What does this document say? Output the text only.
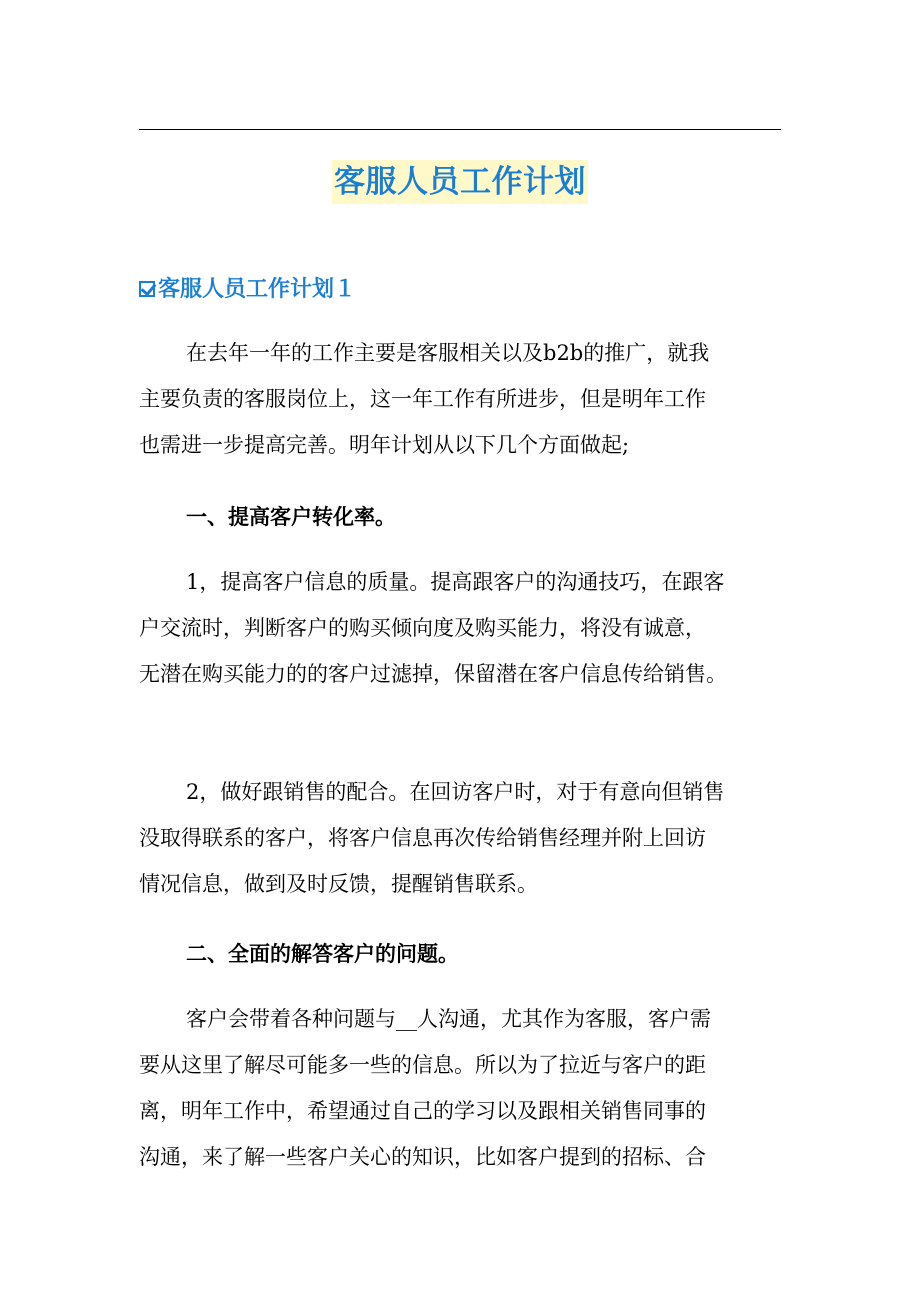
客服人员工作计划
客服人员工作计划１

在去年一年的工作主要是客服相关以及b2b的推广，就我
主要负责的客服岗位上，这一年工作有所进步，但是明年工作
也需进一步提高完善。明年计划从以下几个方面做起;

一、提高客户转化率。

1，提高客户信息的质量。提高跟客户的沟通技巧，在跟客
户交流时，判断客户的购买倾向度及购买能力，将没有诚意，
无潜在购买能力的的客户过滤掉，保留潜在客户信息传给销售。

2，做好跟销售的配合。在回访客户时，对于有意向但销售
没取得联系的客户，将客户信息再次传给销售经理并附上回访
情况信息，做到及时反馈，提醒销售联系。

二、全面的解答客户的问题。

客户会带着各种问题与__人沟通，尤其作为客服，客户需
要从这里了解尽可能多一些的信息。所以为了拉近与客户的距
离，明年工作中，希望通过自己的学习以及跟相关销售同事的
沟通，来了解一些客户关心的知识，比如客户提到的招标、合
